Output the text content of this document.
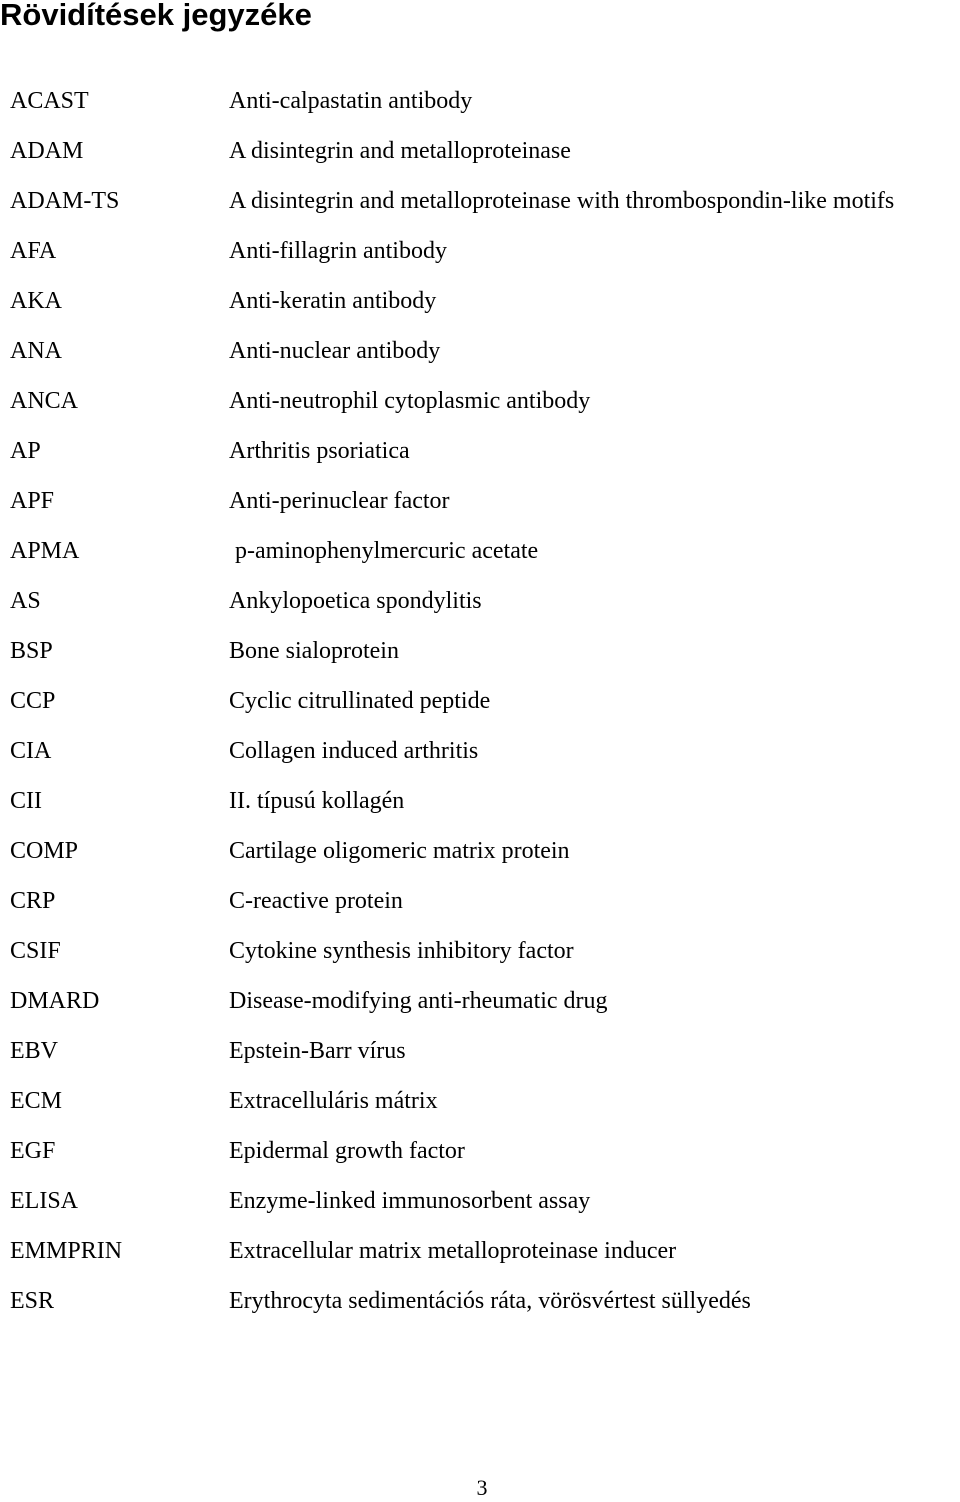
Rövidítések jegyzéke
ACAST	Anti-calpastatin antibody
ADAM	A disintegrin and metalloproteinase
ADAM-TS	A disintegrin and metalloproteinase with thrombospondin-like motifs
AFA	Anti-fillagrin antibody
AKA	Anti-keratin antibody
ANA	Anti-nuclear antibody
ANCA	Anti-neutrophil cytoplasmic antibody
AP	Arthritis psoriatica
APF	Anti-perinuclear factor
APMA	p-aminophenylmercuric acetate
AS	Ankylopoetica spondylitis
BSP	Bone sialoprotein
CCP	Cyclic citrullinated peptide
CIA	Collagen induced arthritis
CII	II. típusú kollagén
COMP	Cartilage oligomeric matrix protein
CRP	C-reactive protein
CSIF	Cytokine synthesis inhibitory factor
DMARD	Disease-modifying anti-rheumatic drug
EBV	Epstein-Barr vírus
ECM	Extracelluláris mátrix
EGF	Epidermal growth factor
ELISA	Enzyme-linked immunosorbent assay
EMMPRIN	Extracellular matrix metalloproteinase inducer
ESR	Erythrocyta sedimentációs ráta, vörösvértest süllyedés
3
